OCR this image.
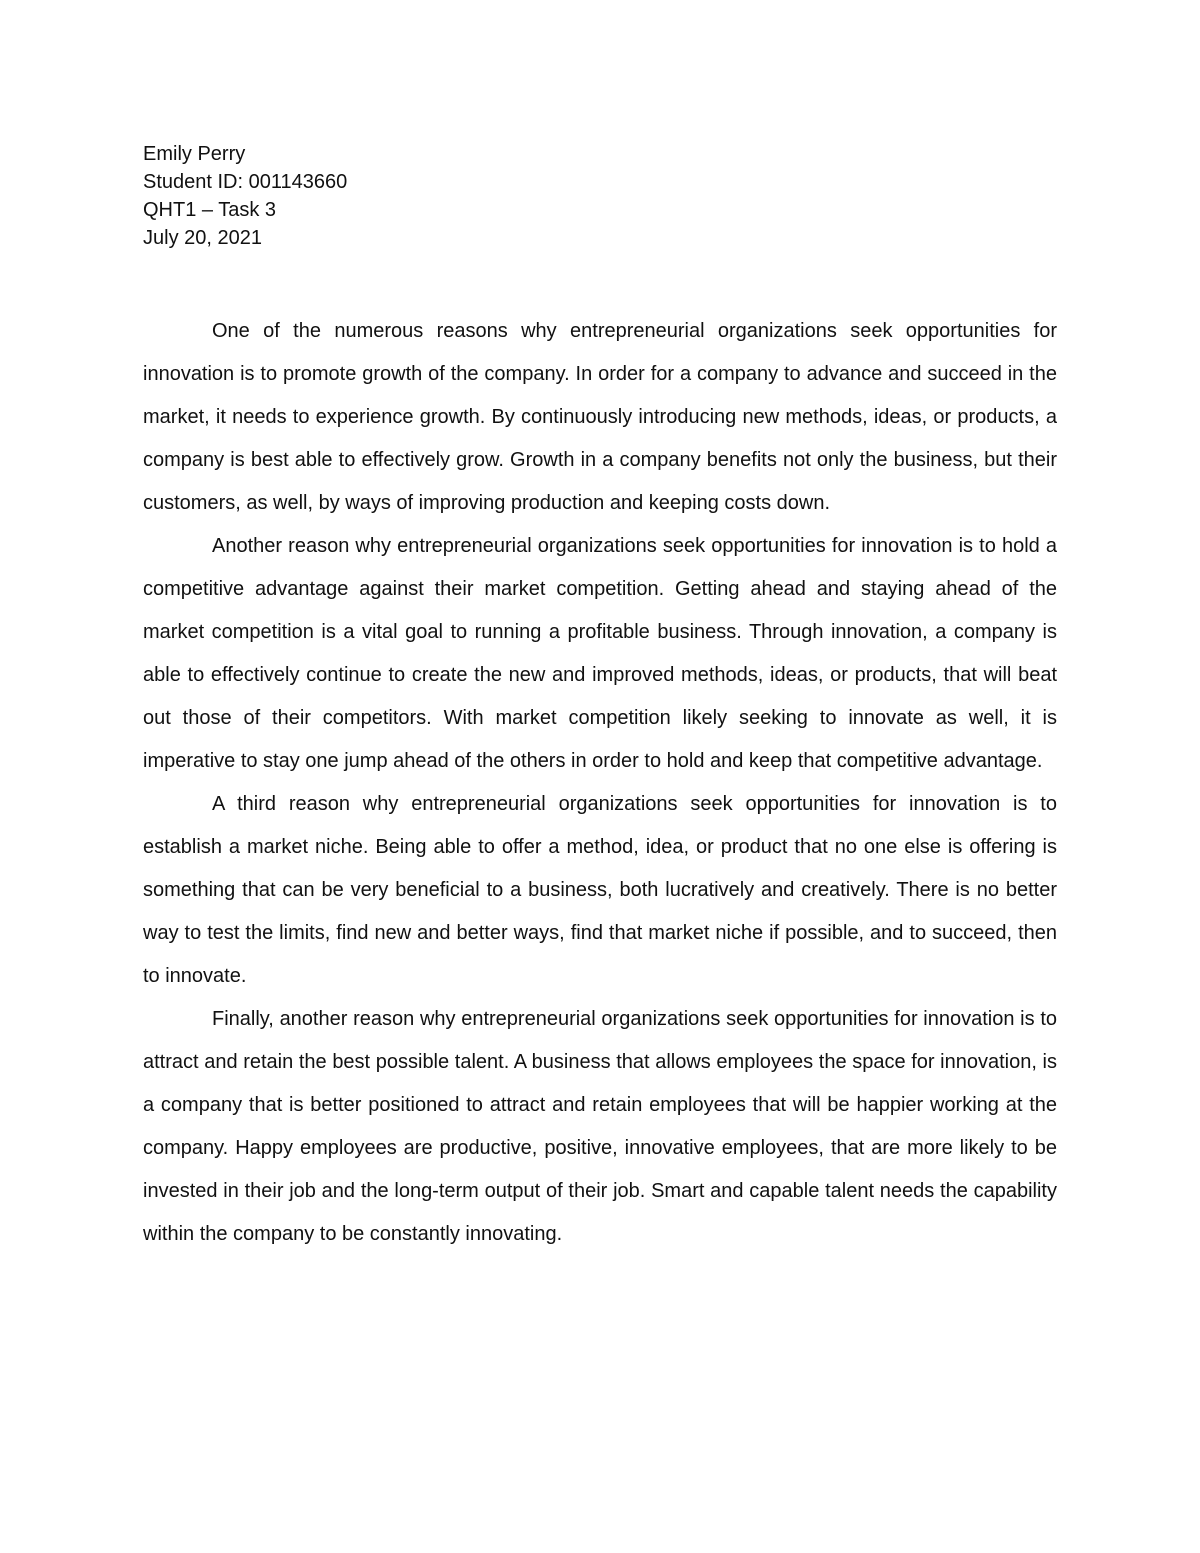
Emily Perry

Student ID: 001143660

QHT1 – Task 3

July 20, 2021

One of the numerous reasons why entrepreneurial organizations seek opportunities for innovation is to promote growth of the company. In order for a company to advance and succeed in the market, it needs to experience growth. By continuously introducing new methods, ideas, or products, a company is best able to effectively grow. Growth in a company benefits not only the business, but their customers, as well, by ways of improving production and keeping costs down.

Another reason why entrepreneurial organizations seek opportunities for innovation is to hold a competitive advantage against their market competition. Getting ahead and staying ahead of the market competition is a vital goal to running a profitable business. Through innovation, a company is able to effectively continue to create the new and improved methods, ideas, or products, that will beat out those of their competitors. With market competition likely seeking to innovate as well, it is imperative to stay one jump ahead of the others in order to hold and keep that competitive advantage.

A third reason why entrepreneurial organizations seek opportunities for innovation is to establish a market niche. Being able to offer a method, idea, or product that no one else is offering is something that can be very beneficial to a business, both lucratively and creatively. There is no better way to test the limits, find new and better ways, find that market niche if possible, and to succeed, then to innovate.

Finally, another reason why entrepreneurial organizations seek opportunities for innovation is to attract and retain the best possible talent. A business that allows employees the space for innovation, is a company that is better positioned to attract and retain employees that will be happier working at the company. Happy employees are productive, positive, innovative employees, that are more likely to be invested in their job and the long-term output of their job. Smart and capable talent needs the capability within the company to be constantly innovating.
